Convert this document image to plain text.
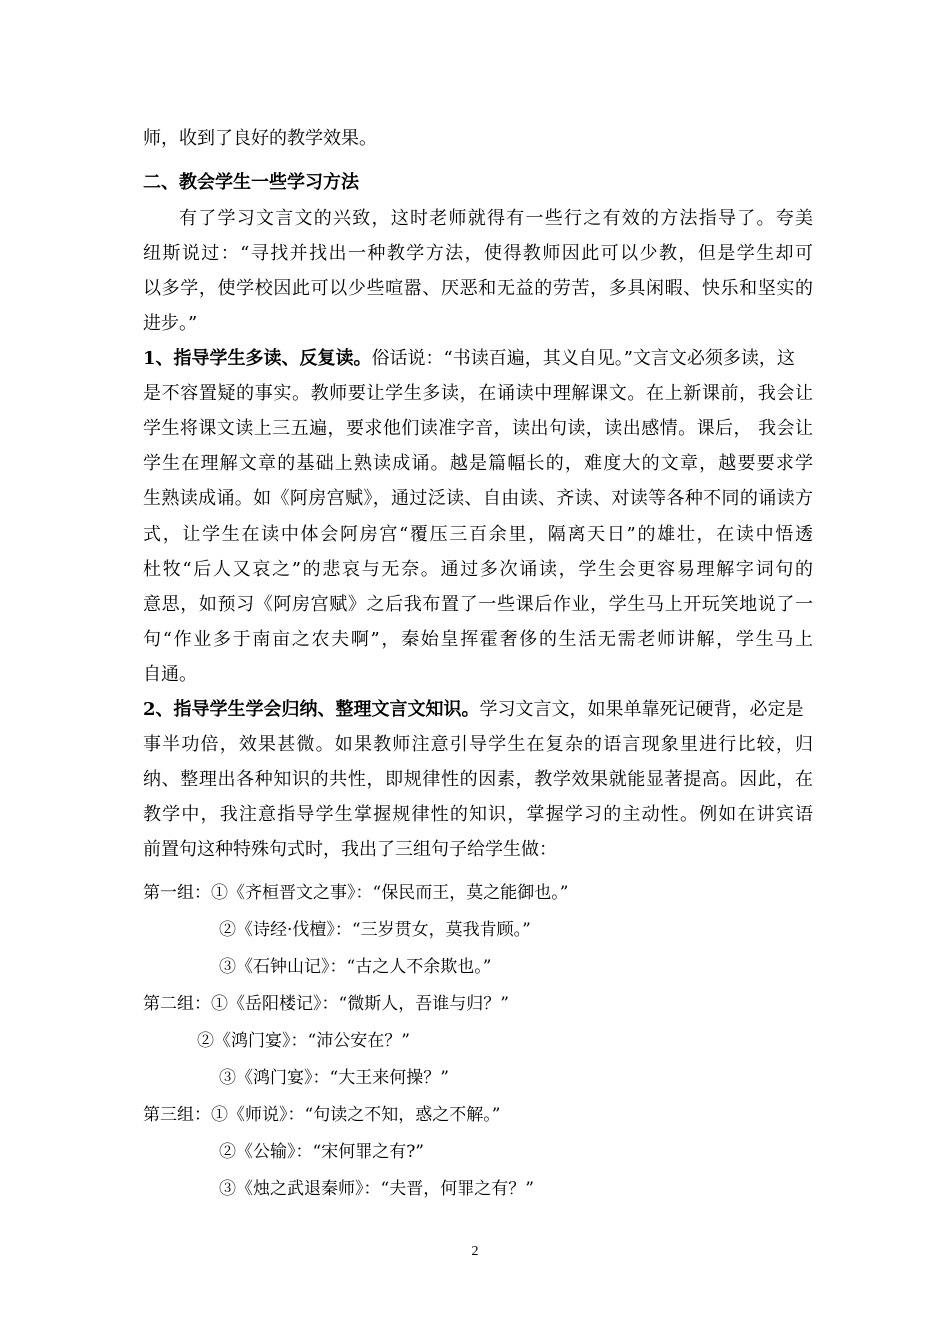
师，收到了良好的教学效果。
二、教会学生一些学习方法
有了学习文言文的兴致，这时老师就得有一些行之有效的方法指导了。夸美
纽斯说过：“寻找并找出一种教学方法，使得教师因此可以少教，但是学生却可
以多学，使学校因此可以少些喧嚣、厌恶和无益的劳苦，多具闲暇、快乐和坚实的
进步。”
1、指导学生多读、反复读。俗话说：“书读百遍，其义自见。”文言文必须多读，这
是不容置疑的事实。教师要让学生多读，在诵读中理解课文。在上新课前，我会让
学生将课文读上三五遍，要求他们读准字音，读出句读，读出感情。课后， 我会让
学生在理解文章的基础上熟读成诵。越是篇幅长的，难度大的文章，越要要求学
生熟读成诵。如《阿房宫赋》，通过泛读、自由读、齐读、对读等各种不同的诵读方
式，让学生在读中体会阿房宫“覆压三百余里，隔离天日”的雄壮，在读中悟透
杜牧“后人又哀之”的悲哀与无奈。通过多次诵读，学生会更容易理解字词句的
意思，如预习《阿房宫赋》之后我布置了一些课后作业，学生马上开玩笑地说了一
句“作业多于南亩之农夫啊”，秦始皇挥霍奢侈的生活无需老师讲解，学生马上
自通。
2、指导学生学会归纳、整理文言文知识。学习文言文，如果单靠死记硬背，必定是
事半功倍，效果甚微。如果教师注意引导学生在复杂的语言现象里进行比较，归
纳、整理出各种知识的共性，即规律性的因素，教学效果就能显著提高。因此，在
教学中，我注意指导学生掌握规律性的知识，掌握学习的主动性。例如在讲宾语
前置句这种特殊句式时，我出了三组句子给学生做：
第一组：①《齐桓晋文之事》：“保民而王，莫之能御也。”
②《诗经·伐檀》：“三岁贯女，莫我肯顾。”
③《石钟山记》：“古之人不余欺也。”
第二组：①《岳阳楼记》：“微斯人，吾谁与归？”
②《鸿门宴》：“沛公安在？”
③《鸿门宴》：“大王来何操？”
第三组：①《师说》：“句读之不知，惑之不解。”
②《公输》：“宋何罪之有?”
③《烛之武退秦师》：“夫晋，何罪之有？”
2
